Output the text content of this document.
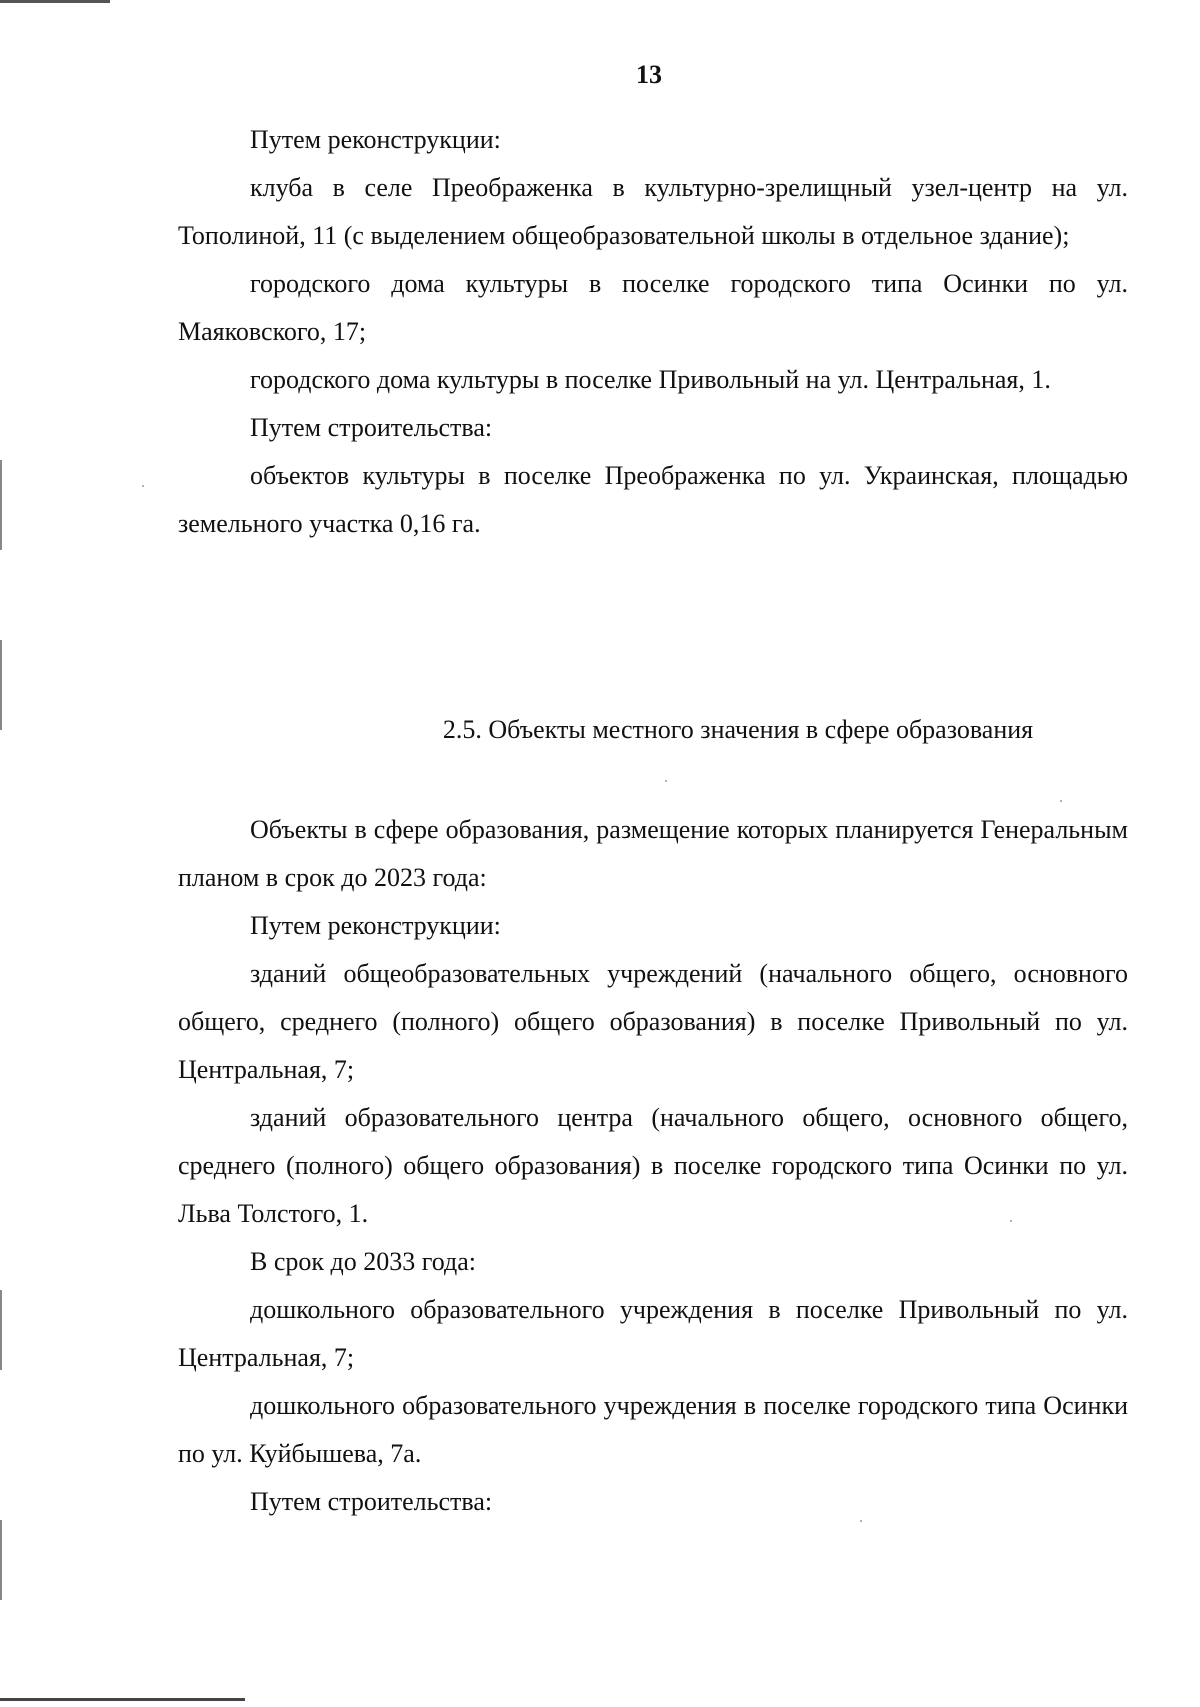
13

Путем реконструкции:

клуба в селе Преображенка в культурно-зрелищный узел-центр на ул. Тополиной, 11 (с выделением общеобразовательной школы в отдельное здание);

городского дома культуры в поселке городского типа Осинки по ул. Маяковского, 17;

городского дома культуры в поселке Привольный на ул. Центральная, 1.

Путем строительства:

объектов культуры в поселке Преображенка по ул. Украинская, площадью земельного участка 0,16 га.

2.5. Объекты местного значения в сфере образования

Объекты в сфере образования, размещение которых планируется Генеральным планом в срок до 2023 года:

Путем реконструкции:

зданий общеобразовательных учреждений (начального общего, основного общего, среднего (полного) общего образования) в поселке Привольный по ул. Центральная, 7;

зданий образовательного центра (начального общего, основного общего, среднего (полного) общего образования) в поселке городского типа Осинки по ул. Льва Толстого, 1.

В срок до 2033 года:

дошкольного образовательного учреждения в поселке Привольный по ул. Центральная, 7;

дошкольного образовательного учреждения в поселке городского типа Осинки по ул. Куйбышева, 7а.

Путем строительства:
